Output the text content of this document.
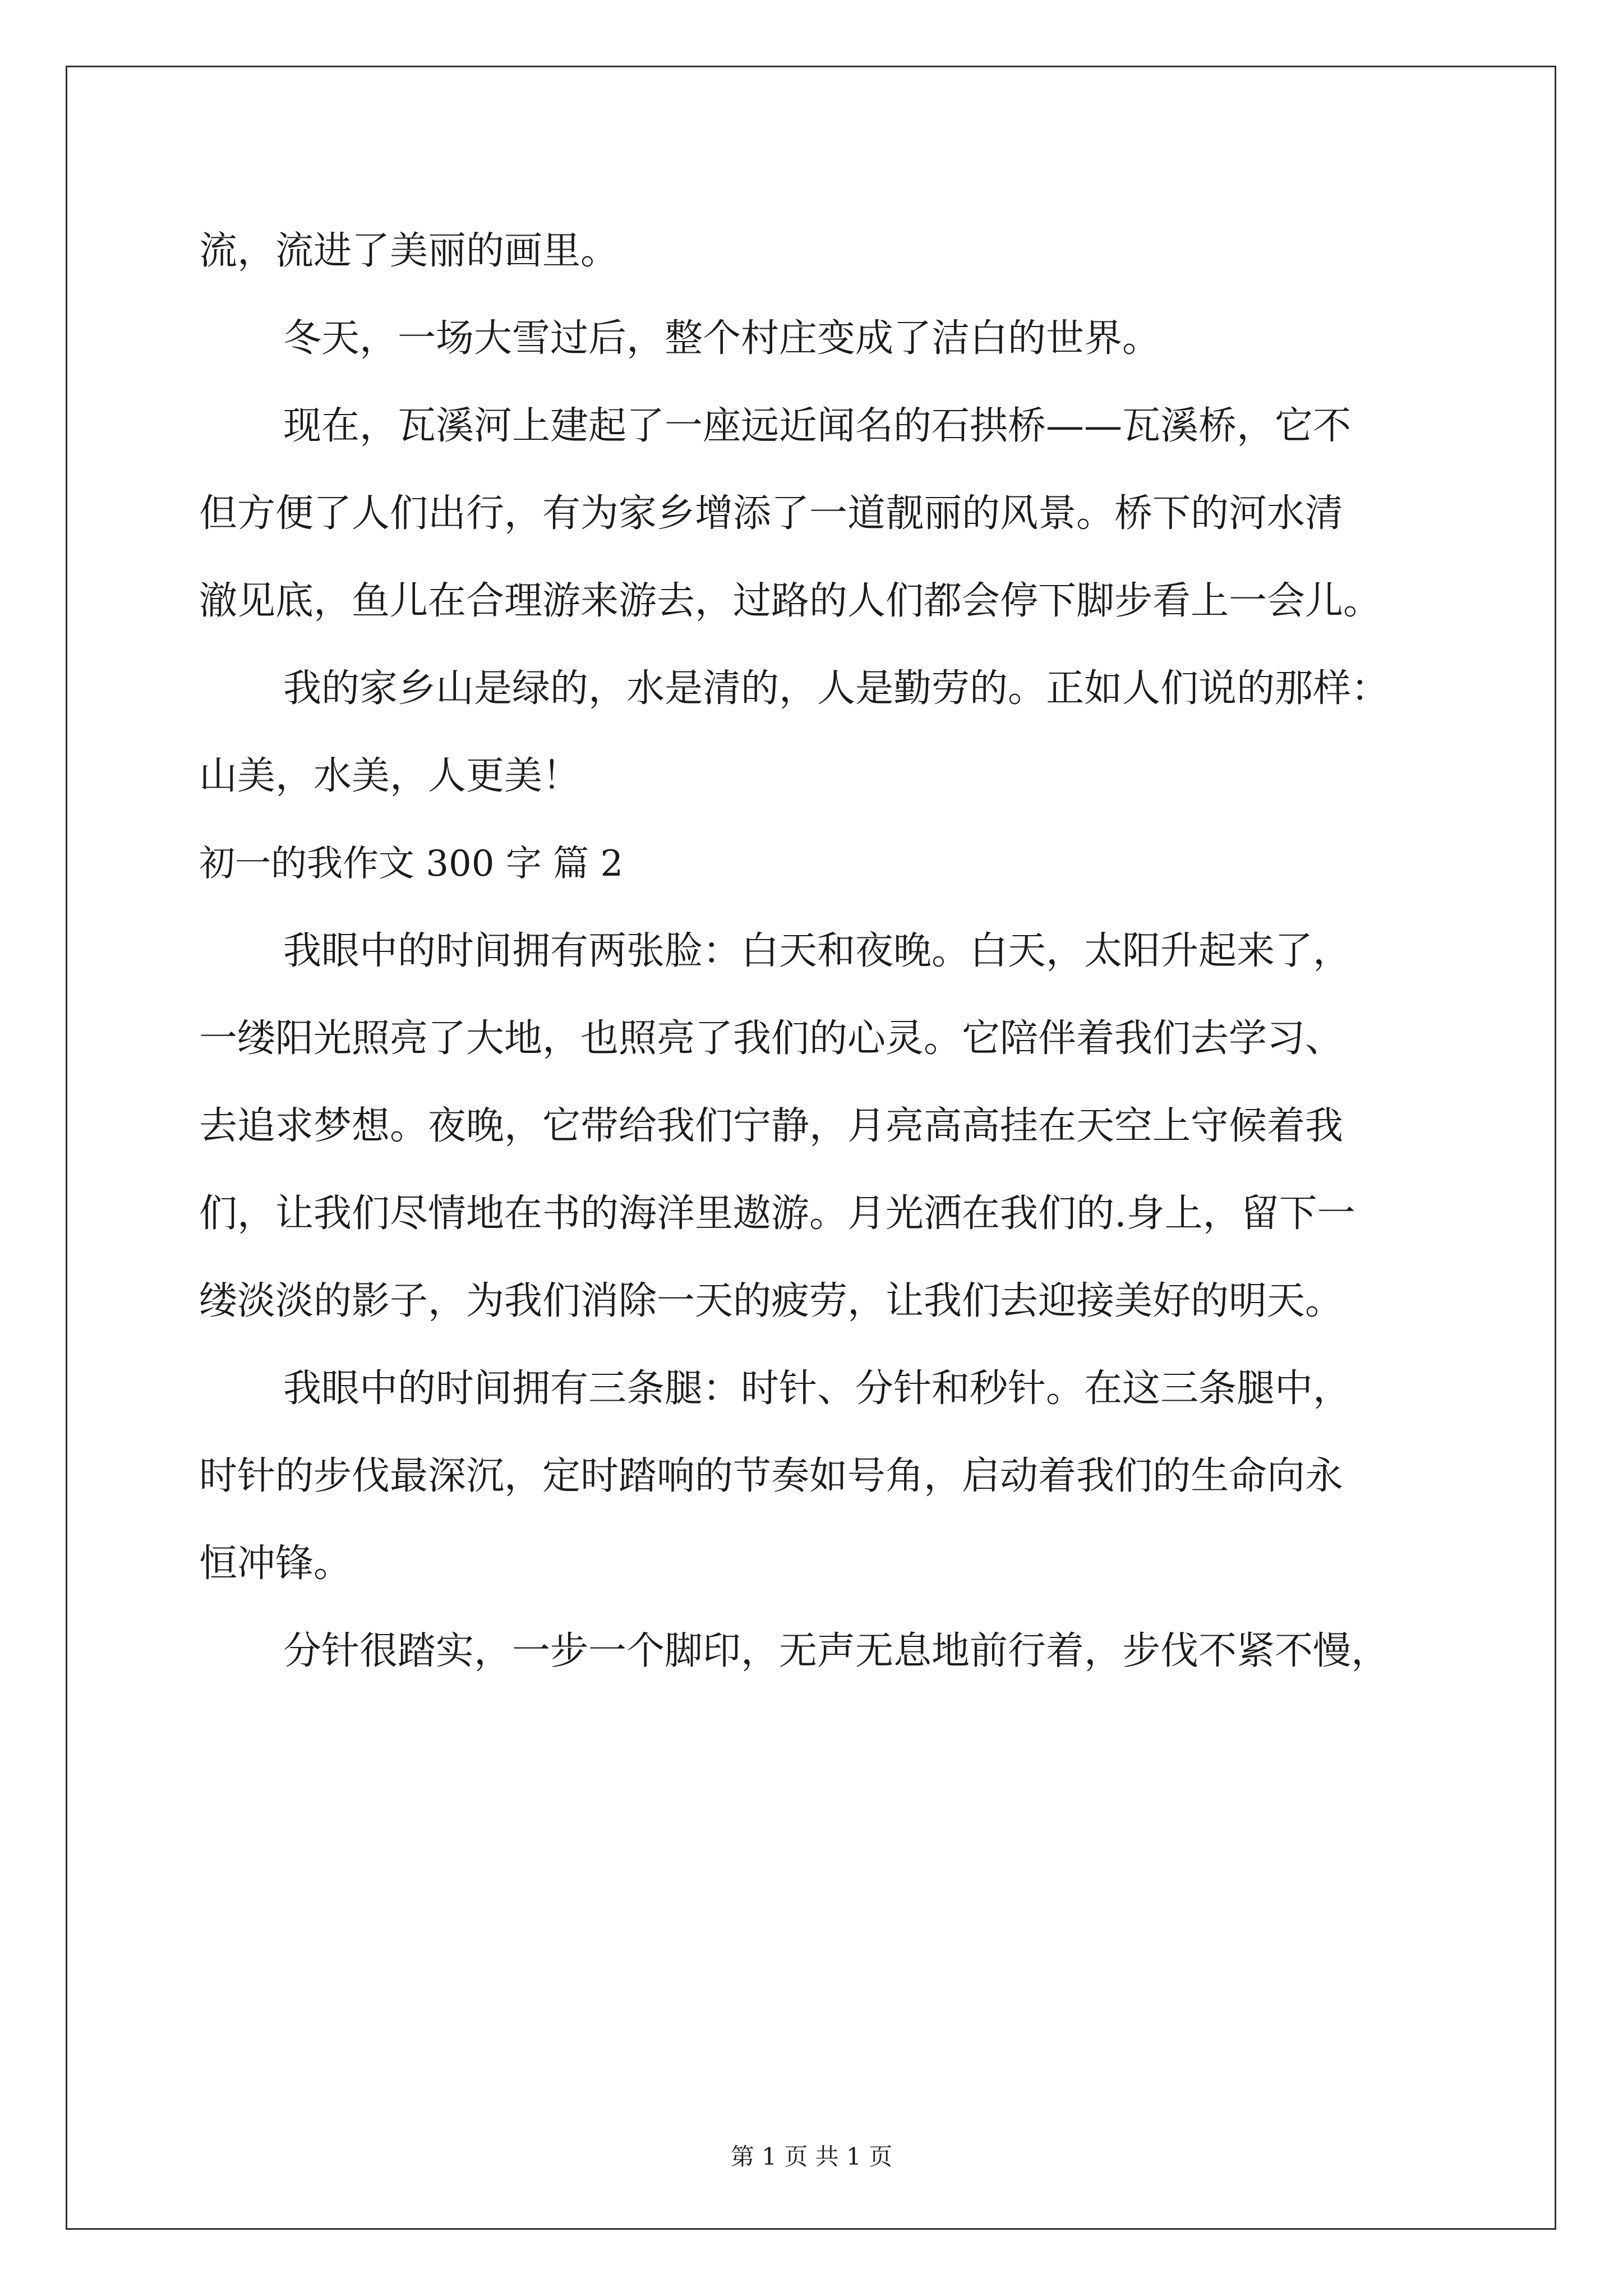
流，流进了美丽的画里。
冬天，一场大雪过后，整个村庄变成了洁白的世界。
现在，瓦溪河上建起了一座远近闻名的石拱桥——瓦溪桥，它不
但方便了人们出行，有为家乡增添了一道靓丽的风景。桥下的河水清
澈见底，鱼儿在合理游来游去，过路的人们都会停下脚步看上一会儿。
我的家乡山是绿的，水是清的，人是勤劳的。正如人们说的那样：
山美，水美，人更美！
初一的我作文 300 字 篇 2
我眼中的时间拥有两张脸：白天和夜晚。白天，太阳升起来了，
一缕阳光照亮了大地，也照亮了我们的心灵。它陪伴着我们去学习、
去追求梦想。夜晚，它带给我们宁静，月亮高高挂在天空上守候着我
们，让我们尽情地在书的海洋里遨游。月光洒在我们的.身上，留下一
缕淡淡的影子，为我们消除一天的疲劳，让我们去迎接美好的明天。
我眼中的时间拥有三条腿：时针、分针和秒针。在这三条腿中，
时针的步伐最深沉，定时踏响的节奏如号角，启动着我们的生命向永
恒冲锋。
分针很踏实，一步一个脚印，无声无息地前行着，步伐不紧不慢，
第 1 页 共 1 页
